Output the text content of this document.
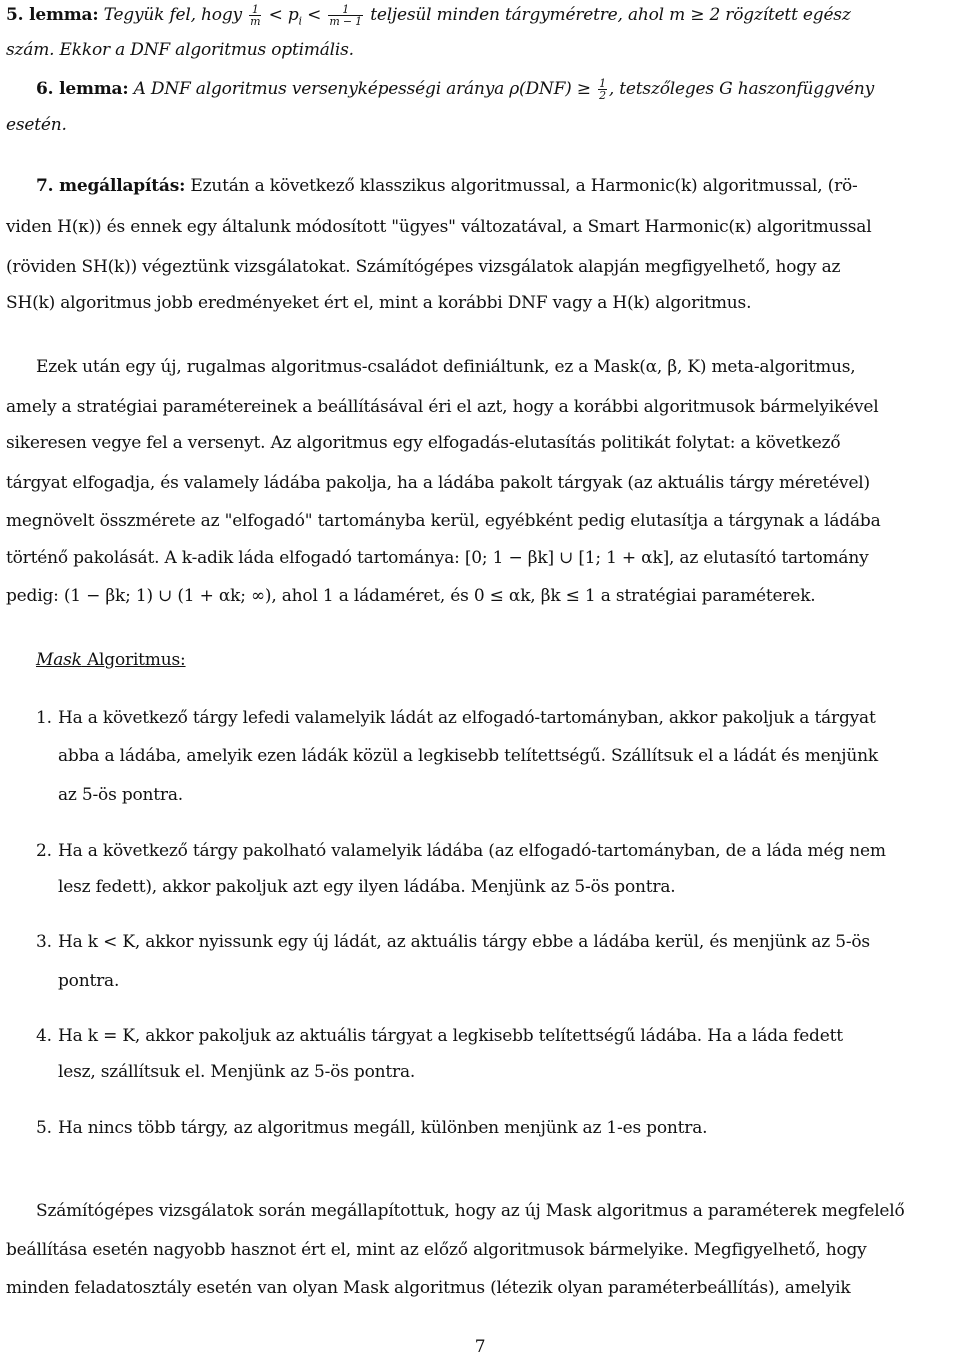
5. lemma: Tegyük fel, hogy $\frac{1}{m} < p_i < \frac{1}{m - 1}$ teljesül minden tárgyméretre, ahol m ≥ 2 rögzített egész
szám. Ekkor a DNF algoritmus optimális.
6. lemma: A DNF algoritmus versenyképességi aránya $\rho(DNF) \ge \frac{1}{2}$ , tetszőleges G haszonfüggvény
esetén.
7. megállapítás: Ezután a következő klasszikus algoritmussal, a Harmonic(k) algoritmussal, (rö-
viden H(κ)) és ennek egy általunk módosított "ügyes" változatával, a Smart Harmonic(κ) algoritmussal
(röviden SH(k)) végeztünk vizsgálatokat. Számítógépes vizsgálatok alapján megfigyelhető, hogy az
SH(k) algoritmus jobb eredményeket ért el, mint a korábbi DNF vagy a H(k) algoritmus.
Ezek után egy új, rugalmas algoritmus-családot definiáltunk, ez a Mask(α, β, K) meta-algoritmus,
amely a stratégiai paramétereinek a beállításával éri el azt, hogy a korábbi algoritmusok bármelyikével
sikeresen vegye fel a versenyt. Az algoritmus egy elfogadás-elutasítás politikát folytat: a következő
tárgyat elfogadja, és valamely ládába pakolja, ha a ládába pakolt tárgyak (az aktuális tárgy méretével)
megnövelt összmérete az "elfogadó" tartományba kerül, egyébként pedig elutasítja a tárgynak a ládába
történő pakolását. A k-adik láda elfogadó tartománya: [0; 1 − βk] ∪ [1; 1 + αk], az elutasító tartomány
pedig: (1 − βk; 1) ∪ (1 + αk; ∞), ahol 1 a ládaméret, és 0 ≤ αk, βk ≤ 1 a stratégiai paraméterek.
Mask Algoritmus:
1. Ha a következő tárgy lefedi valamelyik ládát az elfogadó-tartományban, akkor pakoljuk a tárgyat
abba a ládába, amelyik ezen ládák közül a legkisebb telítettségű. Szállítsuk el a ládát és menjünk
az 5-ös pontra.
2. Ha a következő tárgy pakolható valamelyik ládába (az elfogadó-tartományban, de a láda még nem
lesz fedett), akkor pakoljuk azt egy ilyen ládába. Menjünk az 5-ös pontra.
3. Ha k < K, akkor nyissunk egy új ládát, az aktuális tárgy ebbe a ládába kerül, és menjünk az 5-ös
pontra.
4. Ha k = K, akkor pakoljuk az aktuális tárgyat a legkisebb telítettségű ládába. Ha a láda fedett
lesz, szállítsuk el. Menjünk az 5-ös pontra.
5. Ha nincs több tárgy, az algoritmus megáll, különben menjünk az 1-es pontra.
Számítógépes vizsgálatok során megállapítottuk, hogy az új Mask algoritmus a paraméterek megfelelő
beállítása esetén nagyobb hasznot ért el, mint az előző algoritmusok bármelyike. Megfigyelhető, hogy
minden feladatosztály esetén van olyan Mask algoritmus (létezik olyan paraméterbeállítás), amelyik
7
